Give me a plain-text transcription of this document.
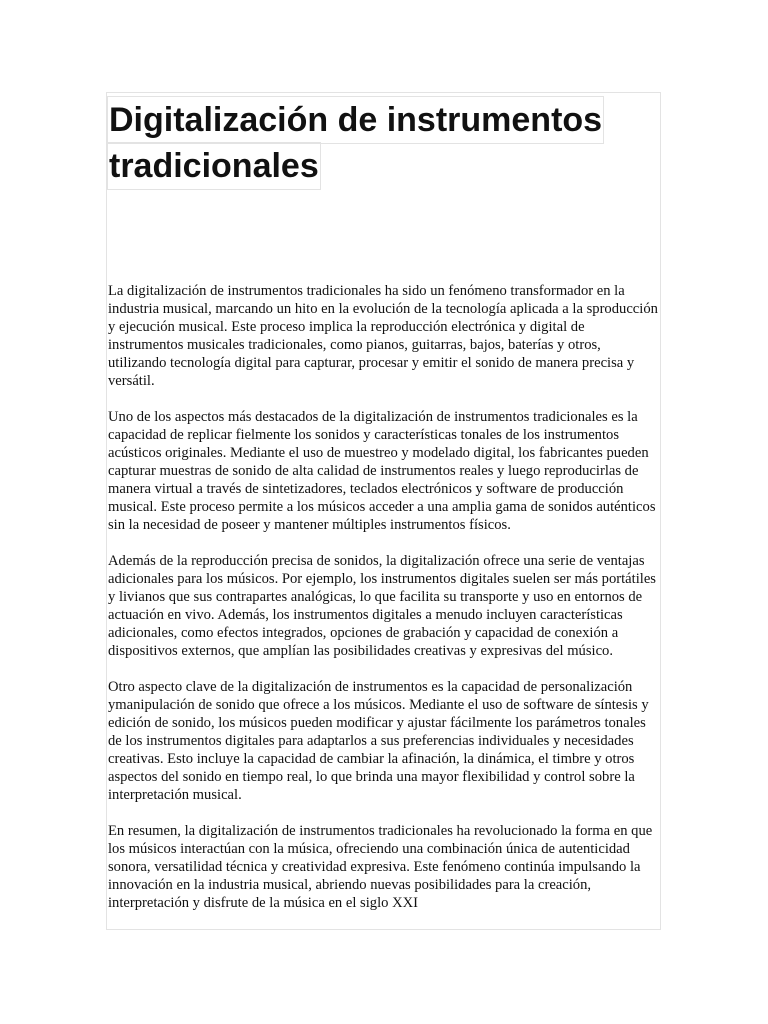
Digitalización de instrumentos
tradicionales

La digitalización de instrumentos tradicionales ha sido un fenómeno transformador en la industria musical, marcando un hito en la evolución de la tecnología aplicada a la sproducción y ejecución musical. Este proceso implica la reproducción electrónica y digital de instrumentos musicales tradicionales, como pianos, guitarras, bajos, baterías y otros, utilizando tecnología digital para capturar, procesar y emitir el sonido de manera precisa y versátil.

Uno de los aspectos más destacados de la digitalización de instrumentos tradicionales es la capacidad de replicar fielmente los sonidos y características tonales de los instrumentos acústicos originales. Mediante el uso de muestreo y modelado digital, los fabricantes pueden capturar muestras de sonido de alta calidad de instrumentos reales y luego reproducirlas de manera virtual a través de sintetizadores, teclados electrónicos y software de producción musical. Este proceso permite a los músicos acceder a una amplia gama de sonidos auténticos sin la necesidad de poseer y mantener múltiples instrumentos físicos.

Además de la reproducción precisa de sonidos, la digitalización ofrece una serie de ventajas adicionales para los músicos. Por ejemplo, los instrumentos digitales suelen ser más portátiles y livianos que sus contrapartes analógicas, lo que facilita su transporte y uso en entornos de actuación en vivo. Además, los instrumentos digitales a menudo incluyen características adicionales, como efectos integrados, opciones de grabación y capacidad de conexión a dispositivos externos, que amplían las posibilidades creativas y expresivas del músico.

Otro aspecto clave de la digitalización de instrumentos es la capacidad de personalización ymanipulación de sonido que ofrece a los músicos. Mediante el uso de software de síntesis y edición de sonido, los músicos pueden modificar y ajustar fácilmente los parámetros tonales de los instrumentos digitales para adaptarlos a sus preferencias individuales y necesidades creativas. Esto incluye la capacidad de cambiar la afinación, la dinámica, el timbre y otros aspectos del sonido en tiempo real, lo que brinda una mayor flexibilidad y control sobre la interpretación musical.

En resumen, la digitalización de instrumentos tradicionales ha revolucionado la forma en que los músicos interactúan con la música, ofreciendo una combinación única de autenticidad sonora, versatilidad técnica y creatividad expresiva. Este fenómeno continúa impulsando la innovación en la industria musical, abriendo nuevas posibilidades para la creación, interpretación y disfrute de la música en el siglo XXI
